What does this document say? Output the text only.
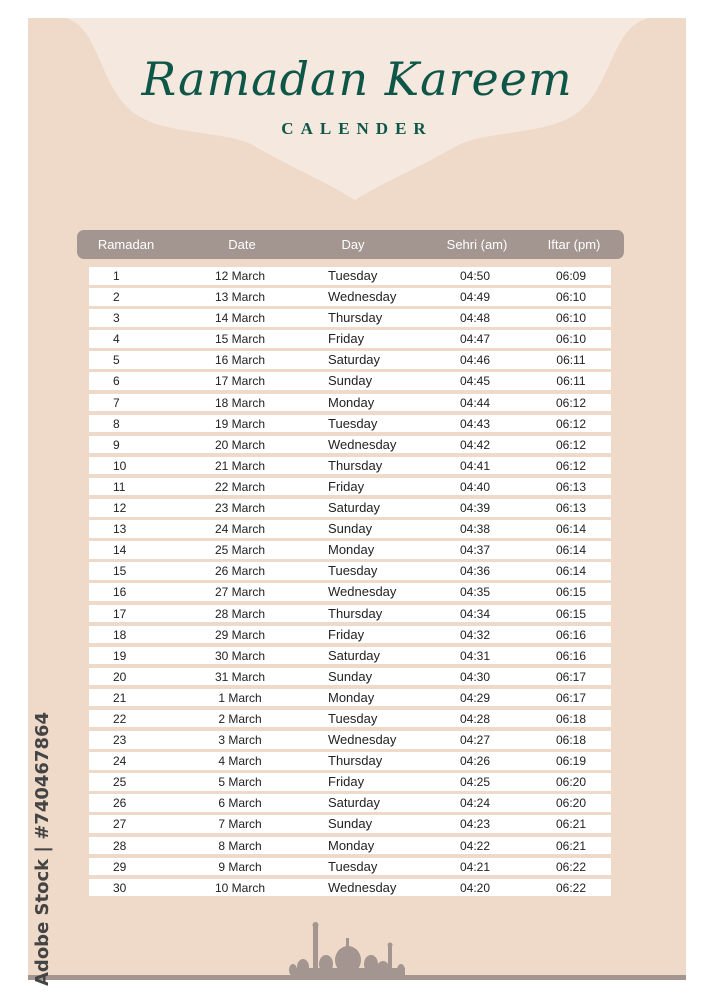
Ramadan Kareem
CALENDER
Ramadan	Date	Day	Sehri (am)	Iftar (pm)
1	12 March	Tuesday	04:50	06:09
2	13 March	Wednesday	04:49	06:10
3	14 March	Thursday	04:48	06:10
4	15 March	Friday	04:47	06:10
5	16 March	Saturday	04:46	06:11
6	17 March	Sunday	04:45	06:11
7	18 March	Monday	04:44	06:12
8	19 March	Tuesday	04:43	06:12
9	20 March	Wednesday	04:42	06:12
10	21 March	Thursday	04:41	06:12
11	22 March	Friday	04:40	06:13
12	23 March	Saturday	04:39	06:13
13	24 March	Sunday	04:38	06:14
14	25 March	Monday	04:37	06:14
15	26 March	Tuesday	04:36	06:14
16	27 March	Wednesday	04:35	06:15
17	28 March	Thursday	04:34	06:15
18	29 March	Friday	04:32	06:16
19	30 March	Saturday	04:31	06:16
20	31 March	Sunday	04:30	06:17
21	1 March	Monday	04:29	06:17
22	2 March	Tuesday	04:28	06:18
23	3 March	Wednesday	04:27	06:18
24	4 March	Thursday	04:26	06:19
25	5 March	Friday	04:25	06:20
26	6 March	Saturday	04:24	06:20
27	7 March	Sunday	04:23	06:21
28	8 March	Monday	04:22	06:21
29	9 March	Tuesday	04:21	06:22
30	10 March	Wednesday	04:20	06:22
Adobe Stock | #740467864
